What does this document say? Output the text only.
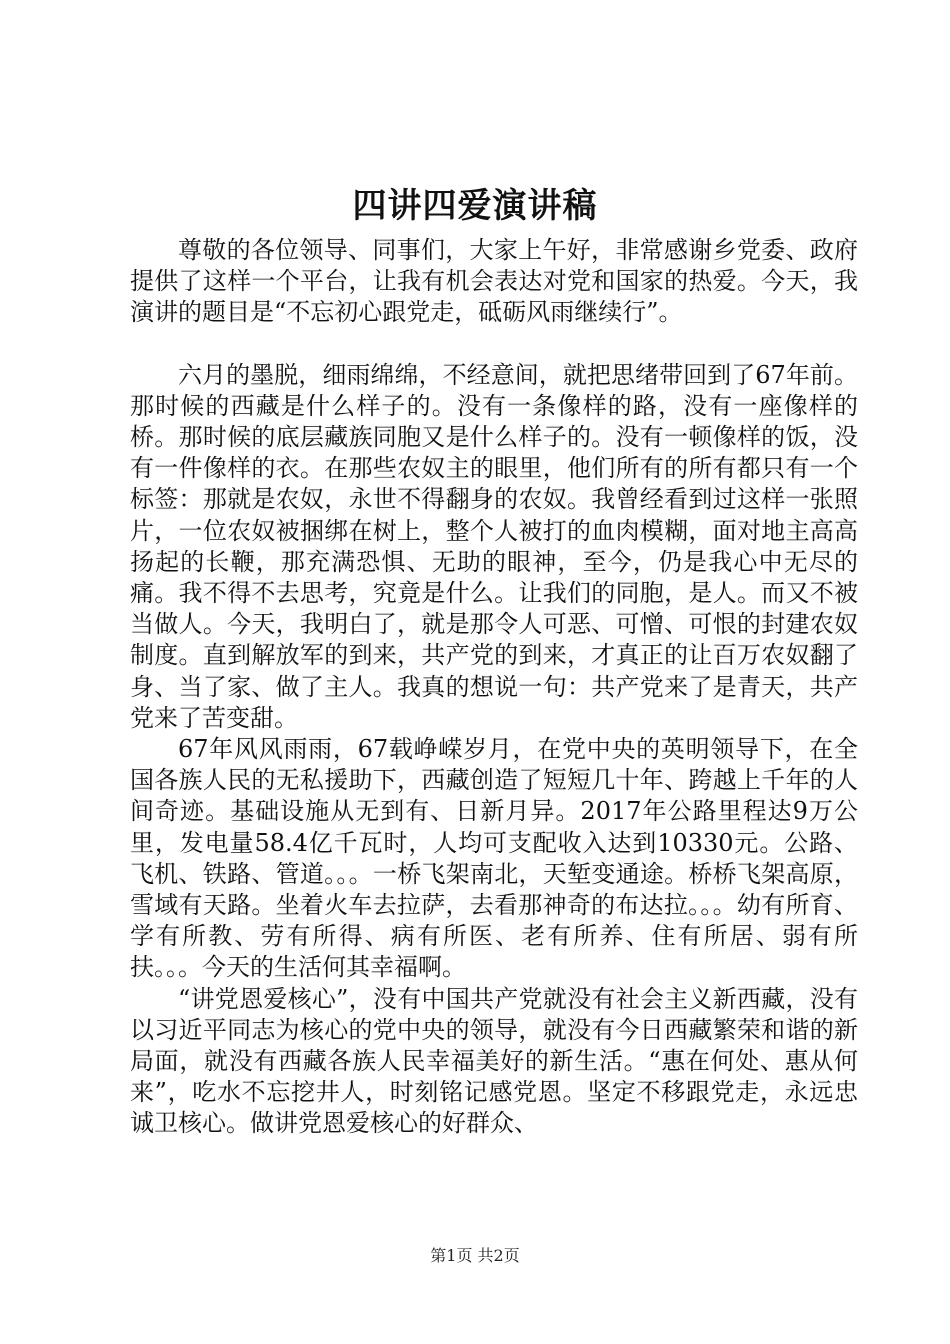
四讲四爱演讲稿

尊敬的各位领导、同事们，大家上午好，非常感谢乡党委、政府提供了这样一个平台，让我有机会表达对党和国家的热爱。今天，我演讲的题目是“不忘初心跟党走，砥砺风雨继续行”。

六月的墨脱，细雨绵绵，不经意间，就把思绪带回到了67年前。那时候的西藏是什么样子的。没有一条像样的路，没有一座像样的桥。那时候的底层藏族同胞又是什么样子的。没有一顿像样的饭，没有一件像样的衣。在那些农奴主的眼里，他们所有的所有都只有一个标签：那就是农奴，永世不得翻身的农奴。我曾经看到过这样一张照片，一位农奴被捆绑在树上，整个人被打的血肉模糊，面对地主高高扬起的长鞭，那充满恐惧、无助的眼神，至今，仍是我心中无尽的痛。我不得不去思考，究竟是什么。让我们的同胞，是人。而又不被当做人。今天，我明白了，就是那令人可恶、可憎、可恨的封建农奴制度。直到解放军的到来，共产党的到来，才真正的让百万农奴翻了身、当了家、做了主人。我真的想说一句：共产党来了是青天，共产党来了苦变甜。

67年风风雨雨，67载峥嵘岁月，在党中央的英明领导下，在全国各族人民的无私援助下，西藏创造了短短几十年、跨越上千年的人间奇迹。基础设施从无到有、日新月异。2017年公路里程达9万公里，发电量58.4亿千瓦时，人均可支配收入达到10330元。公路、飞机、铁路、管道。。。一桥飞架南北，天堑变通途。桥桥飞架高原，雪域有天路。坐着火车去拉萨，去看那神奇的布达拉。。。幼有所育、学有所教、劳有所得、病有所医、老有所养、住有所居、弱有所扶。。。今天的生活何其幸福啊。

“讲党恩爱核心”，没有中国共产党就没有社会主义新西藏，没有以习近平同志为核心的党中央的领导，就没有今日西藏繁荣和谐的新局面，就没有西藏各族人民幸福美好的新生活。“惠在何处、惠从何来”，吃水不忘挖井人，时刻铭记感党恩。坚定不移跟党走，永远忠诚卫核心。做讲党恩爱核心的好群众、

第1页 共2页
